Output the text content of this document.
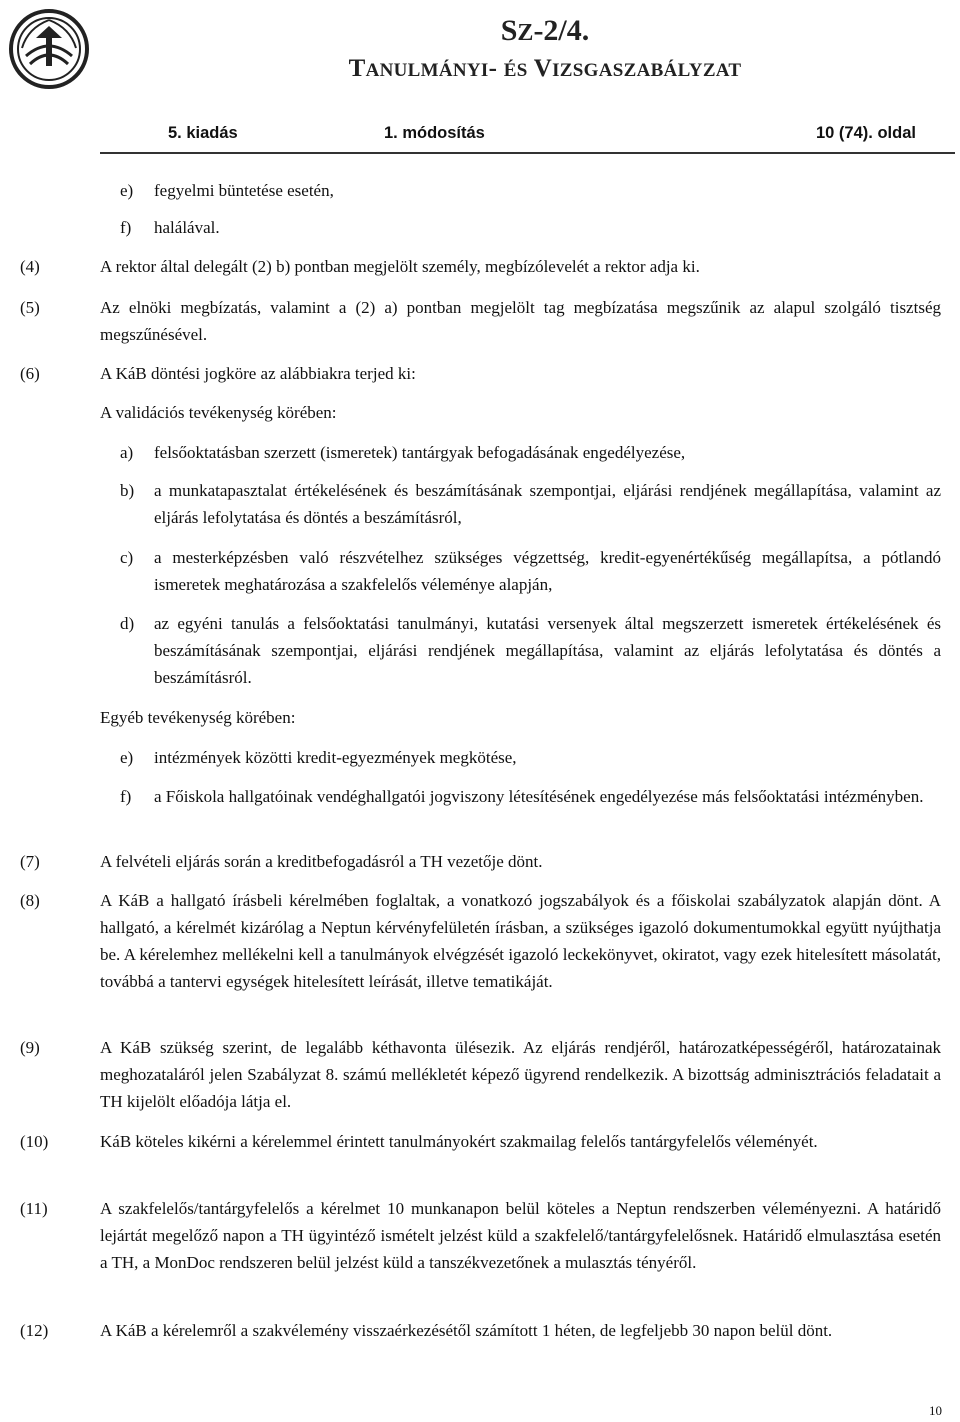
SZ-2/4.
TANULMÁNYI- ÉS VIZSGASZABÁLYZAT
5. kiadás	1. módosítás	10 (74). oldal
e) fegyelmi büntetése esetén,
f) halálával.
(4)	A rektor által delegált (2) b) pontban megjelölt személy, megbízólevelét a rektor adja ki.
(5)	Az elnöki megbízatás, valamint a (2) a) pontban megjelölt tag megbízatása megszűnik az alapul szolgáló tisztség megszűnésével.
(6)	A KáB döntési jogköre az alábbiakra terjed ki:
A validációs tevékenység körében:
a) felsőoktatásban szerzett (ismeretek) tantárgyak befogadásának engedélyezése,
b) a munkatapasztalat értékelésének és beszámításának szempontjai, eljárási rendjének megállapítása, valamint az eljárás lefolytatása és döntés a beszámításról,
c) a mesterképzésben való részvételhez szükséges végzettség, kredit-egyenértékűség megállapítsa, a pótlandó ismeretek meghatározása a szakfelelős véleménye alapján,
d) az egyéni tanulás a felsőoktatási tanulmányi, kutatási versenyek által megszerzett ismeretek értékelésének és beszámításának szempontjai, eljárási rendjének megállapítása, valamint az eljárás lefolytatása és döntés a beszámításról.
Egyéb tevékenység körében:
e) intézmények közötti kredit-egyezmények megkötése,
f) a Főiskola hallgatóinak vendéghallgatói jogviszony létesítésének engedélyezése más felsőoktatási intézményben.
(7)	A felvételi eljárás során a kreditbefogadásról a TH vezetője dönt.
(8)	A KáB a hallgató írásbeli kérelmében foglaltak, a vonatkozó jogszabályok és a főiskolai szabályzatok alapján dönt. A hallgató, a kérelmét kizárólag a Neptun kérvényfelületén írásban, a szükséges igazoló dokumentumokkal együtt nyújthatja be. A kérelemhez mellékelni kell a tanulmányok elvégzését igazoló leckekönyvet, okiratot, vagy ezek hitelesített másolatát, továbbá a tantervi egységek hitelesített leírását, illetve tematikáját.
(9)	A KáB szükség szerint, de legalább kéthavonta ülésezik. Az eljárás rendjéről, határozatképességéről, határozatainak meghozataláról jelen Szabályzat 8. számú mellékletét képező ügyrend rendelkezik. A bizottság adminisztrációs feladatait a TH kijelölt előadója látja el.
(10)	KáB köteles kikérni a kérelemmel érintett tanulmányokért szakmailag felelős tantárgyfelelős véleményét.
(11)	A szakfelelős/tantárgyfelelős a kérelmet 10 munkanapon belül köteles a Neptun rendszerben véleményezni. A határidő lejártát megelőző napon a TH ügyintéző ismételt jelzést küld a szakfelelő/tantárgyfelelősnek. Határidő elmulasztása esetén a TH, a MonDoc rendszeren belül jelzést küld a tanszékvezetőnek a mulasztás tényéről.
(12)	A KáB a kérelemről a szakvélemény visszaérkezésétől számított 1 héten, de legfeljebb 30 napon belül dönt.
10
